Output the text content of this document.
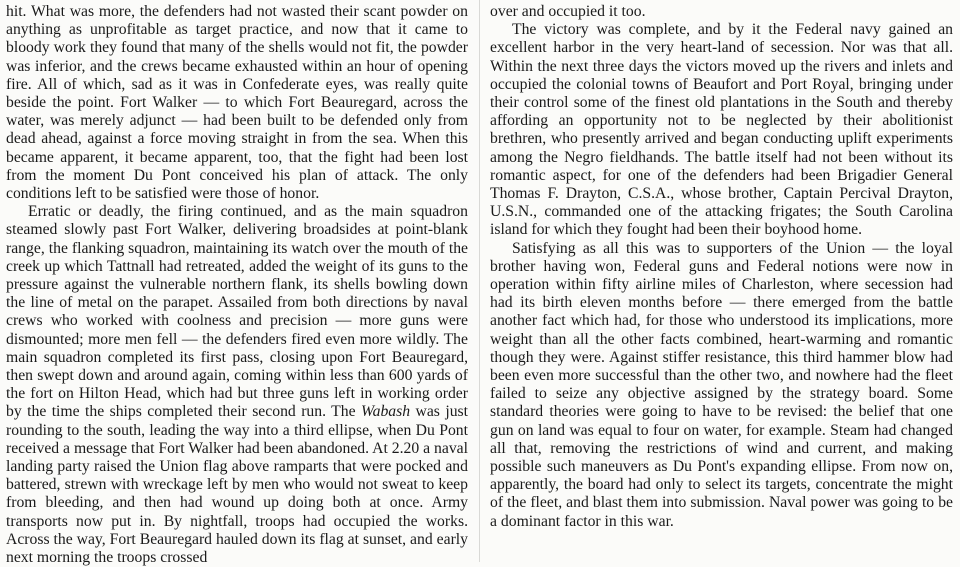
hit. What was more, the defenders had not wasted their scant powder on anything as unprofitable as target practice, and now that it came to bloody work they found that many of the shells would not fit, the powder was inferior, and the crews became exhausted within an hour of opening fire. All of which, sad as it was in Confederate eyes, was really quite beside the point. Fort Walker — to which Fort Beauregard, across the water, was merely adjunct — had been built to be defended only from dead ahead, against a force moving straight in from the sea. When this became apparent, it became apparent, too, that the fight had been lost from the moment Du Pont conceived his plan of attack. The only conditions left to be satisfied were those of honor.

Erratic or deadly, the firing continued, and as the main squadron steamed slowly past Fort Walker, delivering broadsides at point-blank range, the flanking squadron, maintaining its watch over the mouth of the creek up which Tattnall had retreated, added the weight of its guns to the pressure against the vulnerable northern flank, its shells bowling down the line of metal on the parapet. Assailed from both directions by naval crews who worked with coolness and precision — more guns were dismounted; more men fell — the defenders fired even more wildly. The main squadron completed its first pass, closing upon Fort Beauregard, then swept down and around again, coming within less than 600 yards of the fort on Hilton Head, which had but three guns left in working order by the time the ships completed their second run. The Wabash was just rounding to the south, leading the way into a third ellipse, when Du Pont received a message that Fort Walker had been abandoned. At 2.20 a naval landing party raised the Union flag above ramparts that were pocked and battered, strewn with wreckage left by men who would not sweat to keep from bleeding, and then had wound up doing both at once. Army transports now put in. By nightfall, troops had occupied the works. Across the way, Fort Beauregard hauled down its flag at sunset, and early next morning the troops crossed

over and occupied it too.

The victory was complete, and by it the Federal navy gained an excellent harbor in the very heart-land of secession. Nor was that all. Within the next three days the victors moved up the rivers and inlets and occupied the colonial towns of Beaufort and Port Royal, bringing under their control some of the finest old plantations in the South and thereby affording an opportunity not to be neglected by their abolitionist brethren, who presently arrived and began conducting uplift experiments among the Negro fieldhands. The battle itself had not been without its romantic aspect, for one of the defenders had been Brigadier General Thomas F. Drayton, C.S.A., whose brother, Captain Percival Drayton, U.S.N., commanded one of the attacking frigates; the South Carolina island for which they fought had been their boyhood home.

Satisfying as all this was to supporters of the Union — the loyal brother having won, Federal guns and Federal notions were now in operation within fifty airline miles of Charleston, where secession had had its birth eleven months before — there emerged from the battle another fact which had, for those who understood its implications, more weight than all the other facts combined, heart-warming and romantic though they were. Against stiffer resistance, this third hammer blow had been even more successful than the other two, and nowhere had the fleet failed to seize any objective assigned by the strategy board. Some standard theories were going to have to be revised: the belief that one gun on land was equal to four on water, for example. Steam had changed all that, removing the restrictions of wind and current, and making possible such maneuvers as Du Pont's expanding ellipse. From now on, apparently, the board had only to select its targets, concentrate the might of the fleet, and blast them into submission. Naval power was going to be a dominant factor in this war.
